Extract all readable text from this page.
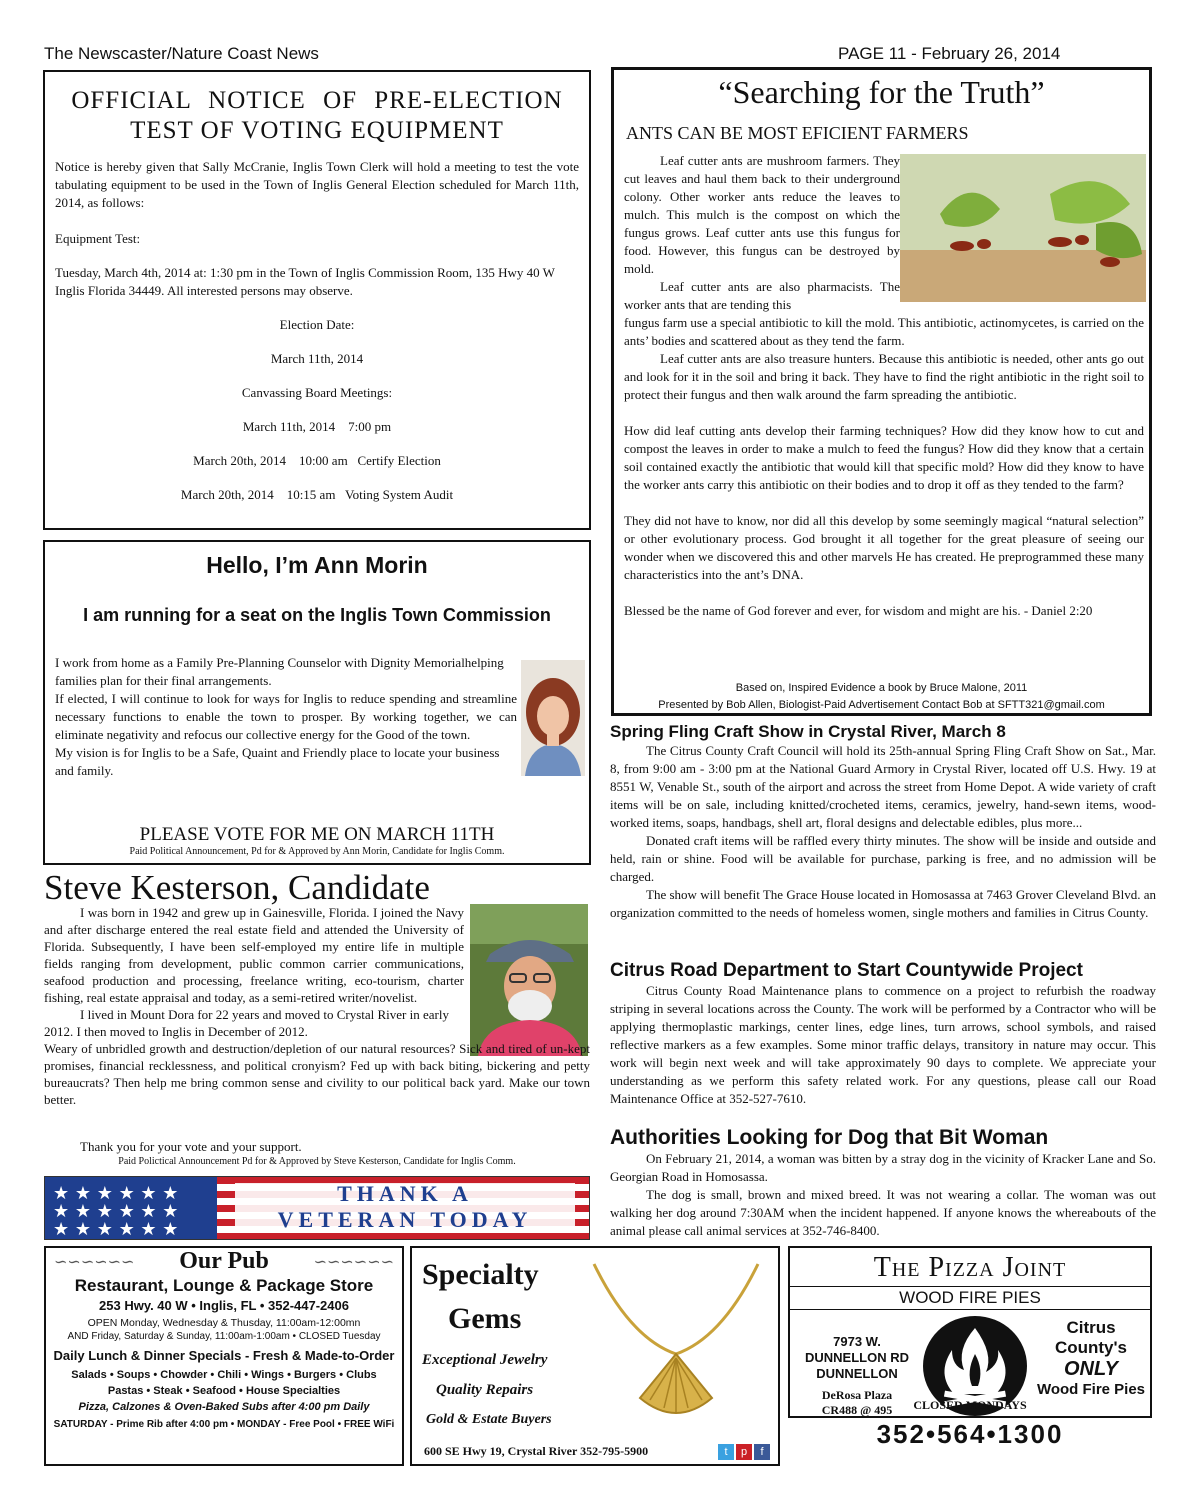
The Newscaster/Nature Coast News	PAGE 11 - February 26, 2014
OFFICIAL NOTICE OF PRE-ELECTION
TEST OF VOTING EQUIPMENT

Notice is hereby given that Sally McCranie, Inglis Town Clerk will hold a meeting to test the vote tabulating equipment to be used in the Town of Inglis General Election scheduled for March 11th, 2014, as follows:

Equipment Test:

Tuesday, March 4th, 2014 at: 1:30 pm in the Town of Inglis Commission Room, 135 Hwy 40 W Inglis Florida 34449. All interested persons may observe.

Election Date:

March 11th, 2014

Canvassing Board Meetings:

March 11th, 2014    7:00 pm

March 20th, 2014    10:00 am   Certify Election

March 20th, 2014    10:15 am   Voting System Audit

Hello, I’m Ann Morin
I am running for a seat on the Inglis Town Commission

I work from home as a Family Pre-Planning Counselor with Dignity Memorialhelping families plan for their final arrangements.

If elected, I will continue to look for ways for Inglis to reduce spending and streamline necessary functions to enable the town to prosper. By working together, we can eliminate negativity and refocus our collective energy for the Good of the town.

My vision is for Inglis to be a Safe, Quaint and Friendly place to locate your business and family.

PLEASE VOTE FOR ME ON MARCH 11TH
Paid Political Announcement, Pd for & Approved by Ann Morin, Candidate for Inglis Comm.
Steve Kesterson, Candidate

I was born in 1942 and grew up in Gainesville, Florida. I joined the Navy and after discharge entered the real estate field and attended the University of Florida. Subsequently, I have been self-employed my entire life in multiple fields ranging from development, public common carrier communications, seafood production and processing, freelance writing, eco-tourism, charter fishing, real estate appraisal and today, as a semi-retired writer/novelist.

I lived in Mount Dora for 22 years and moved to Crystal River in early 2012. I then moved to Inglis in December of 2012.

Weary of unbridled growth and destruction/depletion of our natural resources? Sick and tired of un-kept promises, financial recklessness, and political cronyism? Fed up with back biting, bickering and petty bureaucrats? Then help me bring common sense and civility to our political back yard. Make our town better.

Thank you for your vote and your support.
Paid Polictical Announcement Pd for & Approved by Steve Kesterson, Candidate for Inglis Comm.
★ ★ ★ ★ ★ ★
★ ★ ★ ★ ★ ★
★ ★ ★ ★ ★ ★
THANK A
VETERAN TODAY
“Searching for the Truth”
ANTS CAN BE MOST EFICIENT FARMERS

Leaf cutter ants are mushroom farmers. They cut leaves and haul them back to their underground colony. Other worker ants reduce the leaves to mulch. This mulch is the compost on which the fungus grows. Leaf cutter ants use this fungus for food. However, this fungus can be destroyed by mold.

Leaf cutter ants are also pharmacists. The worker ants that are tending this

fungus farm use a special antibiotic to kill the mold. This antibiotic, actinomycetes, is carried on the ants’ bodies and scattered about as they tend the farm.

Leaf cutter ants are also treasure hunters. Because this antibiotic is needed, other ants go out and look for it in the soil and bring it back. They have to find the right antibiotic in the right soil to protect their fungus and then walk around the farm spreading the antibiotic.

How did leaf cutting ants develop their farming techniques? How did they know how to cut and compost the leaves in order to make a mulch to feed the fungus? How did they know that a certain soil contained exactly the antibiotic that would kill that specific mold? How did they know to have the worker ants carry this antibiotic on their bodies and to drop it off as they tended to the farm?

They did not have to know, nor did all this develop by some seemingly magical “natural selection” or other evolutionary process. God brought it all together for the great pleasure of seeing our wonder when we discovered this and other marvels He has created. He preprogrammed these many characteristics into the ant’s DNA.

Blessed be the name of God forever and ever, for wisdom and might are his. - Daniel 2:20

Based on, Inspired Evidence a book by Bruce Malone, 2011
Presented by Bob Allen, Biologist-Paid Advertisement Contact Bob at SFTT321@gmail.com
Spring Fling Craft Show in Crystal River, March 8

The Citrus County Craft Council will hold its 25th-annual Spring Fling Craft Show on Sat., Mar. 8, from 9:00 am - 3:00 pm at the National Guard Armory in Crystal River, located off U.S. Hwy. 19 at 8551 W, Venable St., south of the airport and across the street from Home Depot. A wide variety of craft items will be on sale, including knitted/crocheted items, ceramics, jewelry, hand-sewn items, wood-worked items, soaps, handbags, shell art, floral designs and delectable edibles, plus more...

Donated craft items will be raffled every thirty minutes. The show will be inside and outside and held, rain or shine. Food will be available for purchase, parking is free, and no admission will be charged.

The show will benefit The Grace House located in Homosassa at 7463 Grover Cleveland Blvd. an organization committed to the needs of homeless women, single mothers and families in Citrus County.

Citrus Road Department to Start Countywide Project

Citrus County Road Maintenance plans to commence on a project to refurbish the roadway striping in several locations across the County. The work will be performed by a Contractor who will be applying thermoplastic markings, center lines, edge lines, turn arrows, school symbols, and raised reflective markers as a few examples. Some minor traffic delays, transitory in nature may occur. This work will begin next week and will take approximately 90 days to complete. We appreciate your understanding as we perform this safety related work. For any questions, please call our Road Maintenance Office at 352-527-7610.

Authorities Looking for Dog that Bit Woman

On February 21, 2014, a woman was bitten by a stray dog in the vicinity of Kracker Lane and So. Georgian Road in Homosassa.

The dog is small, brown and mixed breed. It was not wearing a collar. The woman was out walking her dog around 7:30AM when the incident happened. If anyone knows the whereabouts of the animal please call animal services at 352-746-8400.

∽∽∽∽∽∽	Our Pub	∽∽∽∽∽∽
Restaurant, Lounge & Package Store
253 Hwy. 40 W • Inglis, FL • 352-447-2406
OPEN Monday, Wednesday & Thusday, 11:00am-12:00mn
AND Friday, Saturday & Sunday, 11:00am-1:00am • CLOSED Tuesday
Daily Lunch & Dinner Specials - Fresh & Made-to-Order
Salads • Soups • Chowder • Chili • Wings • Burgers • Clubs
Pastas • Steak • Seafood • House Specialties
Pizza, Calzones & Oven-Baked Subs after 4:00 pm Daily
SATURDAY - Prime Rib after 4:00 pm • MONDAY - Free Pool • FREE WiFi
Specialty
Gems
Exceptional Jewelry
Quality Repairs
Gold & Estate Buyers
600 SE Hwy 19, Crystal River 352-795-5900	t	p	f
The Pizza Joint
WOOD FIRE PIES
7973 W.
DUNNELLON RD
DUNNELLON
DeRosa Plaza
CR488 @ 495
Citrus County's
ONLY
Wood Fire Pies
CLOSED MONDAYS
352•564•1300
